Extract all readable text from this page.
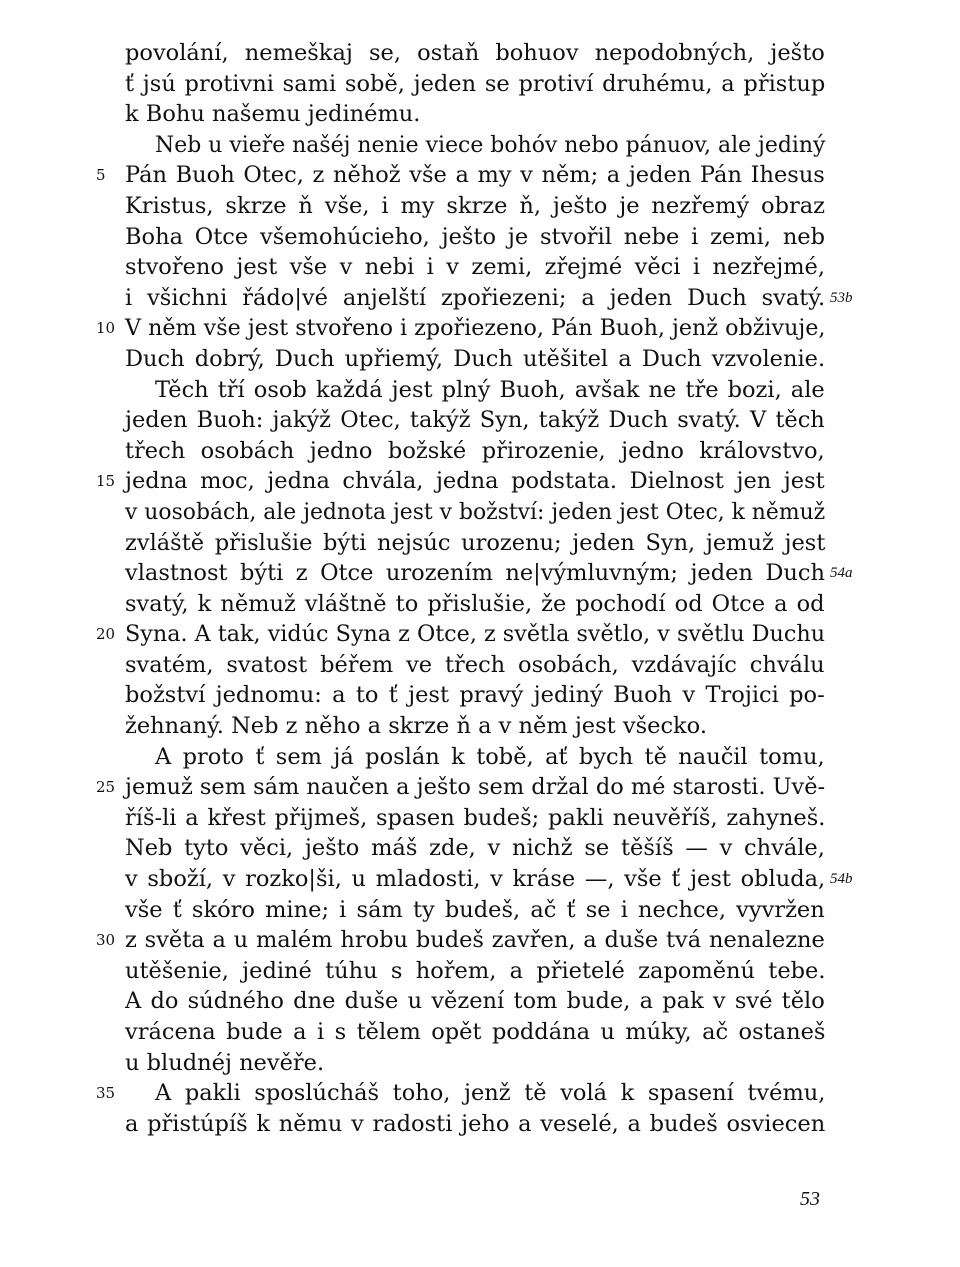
povolání, nemeškaj se, ostaň bohuov nepodobných, ješto
ť jsú protivni sami sobě, jeden se protiví druhému, a přistup
k Bohu našemu jedinému.
Neb u vieře našéj nenie viece bohóv nebo pánuov, ale jediný
5 Pán Buoh Otec, z něhož vše a my v něm; a jeden Pán Ihesus
Kristus, skrze ň vše, i my skrze ň, ješto je nezřemý obraz
Boha Otce všemohúcieho, ješto je stvořil nebe i zemi, neb
stvořeno jest vše v nebi i v zemi, zřejmé věci i nezřejmé,
i všichni řádo|vé anjelští zpořiezeni; a jeden Duch svatý. 53b
10 V něm vše jest stvořeno i zpořiezeno, Pán Buoh, jenž obživuje,
Duch dobrý, Duch upřiemý, Duch utěšitel a Duch vzvolenie.
Těch tří osob každá jest plný Buoh, avšak ne tře bozi, ale
jeden Buoh: jakýž Otec, takýž Syn, takýž Duch svatý. V těch
třech osobách jedno božské přirozenie, jedno královstvo,
15 jedna moc, jedna chvála, jedna podstata. Dielnost jen jest
v uosobách, ale jednota jest v božství: jeden jest Otec, k němuž
zvláště přislušie býti nejsúc urozenu; jeden Syn, jemuž jest
vlastnost býti z Otce urozením ne|výmluvným; jeden Duch 54a
svatý, k němuž vláštně to přislušie, že pochodí od Otce a od
20 Syna. A tak, vidúc Syna z Otce, z světla světlo, v světlu Duchu
svatém, svatost béřem ve třech osobách, vzdávajíc chválu
božství jednomu: a to ť jest pravý jediný Buoh v Trojici po-
žehnaný. Neb z něho a skrze ň a v něm jest všecko.
A proto ť sem já poslán k tobě, ať bych tě naučil tomu,
25 jemuž sem sám naučen a ješto sem držal do mé starosti. Uvě-
říš-li a křest přijmeš, spasen budeš; pakli neuvěříš, zahyneš.
Neb tyto věci, ješto máš zde, v nichž se těšíš — v chvále,
v sboží, v rozko|ši, u mladosti, v kráse —, vše ť jest obluda, 54b
vše ť skóro mine; i sám ty budeš, ač ť se i nechce, vyvržen
30 z světa a u malém hrobu budeš zavřen, a duše tvá nenalezne
utěšenie, jediné túhu s hořem, a přietelé zapoměnú tebe.
A do súdného dne duše u vězení tom bude, a pak v své tělo
vrácena bude a i s tělem opět poddána u múky, ač ostaneš
u bludnéj nevěře.
35	A pakli sposlúcháš toho, jenž tě volá k spasení tvému,
a přistúpíš k němu v radosti jeho a veselé, a budeš osviecen
53
